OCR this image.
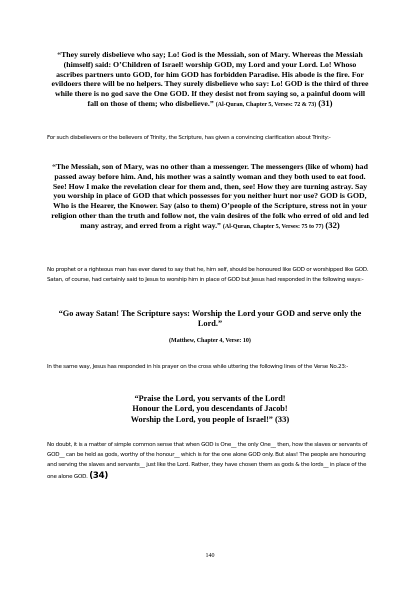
“They surely disbelieve who say; Lo! God is the Messiah, son of Mary. Whereas the Messiah (himself) said: O’Children of Israel! worship GOD, my Lord and your Lord. Lo! Whoso ascribes partners unto GOD, for him GOD has forbidden Paradise. His abode is the fire. For evildoers there will be no helpers. They surely disbelieve who say: Lo! GOD is the third of three while there is no god save the One GOD. If they desist not from saying so, a painful doom will fall on those of them; who disbelieve.” (Al-Quran, Chapter 5, Verses: 72 & 73) (31)

For such disbelievers or the believers of Trinity, the Scripture, has given a convincing clarification about Trinity:-

“The Messiah, son of Mary, was no other than a messenger. The messengers (like of whom) had passed away before him. And, his mother was a saintly woman and they both used to eat food. See! How I make the revelation clear for them and, then, see! How they are turning astray. Say you worship in place of GOD that which possesses for you neither hurt nor use? GOD is GOD, Who is the Hearer, the Knower. Say (also to them) O’people of the Scripture, stress not in your religion other than the truth and follow not, the vain desires of the folk who erred of old and led many astray, and erred from a right way.” (Al-Quran, Chapter 5, Verses: 75 to 77) (32)

No prophet or a righteous man has ever dared to say that he, him self, should be honoured like GOD or worshipped like GOD. Satan, of course, had certainly said to Jesus to worship him in place of GOD but Jesus had responded in the following ways:-

“Go away Satan! The Scripture says: Worship the Lord your GOD and serve only the Lord.”
(Matthew, Chapter 4, Verse: 10)

In the same way, Jesus has responded in his prayer on the cross while uttering the following lines of the Verse No.23:-

“Praise the Lord, you servants of the Lord!
Honour the Lord, you descendants of Jacob!
Worship the Lord, you people of Israel!” (33)

No doubt, it is a matter of simple common sense that when GOD is One__ the only One__ then, how the slaves or servants of GOD__ can be held as gods, worthy of the honour__ which is for the one alone GOD only. But alas! The people are honouring and serving the slaves and servants__ just like the Lord. Rather, they have chosen them as gods & the lords__ in place of the one alone GOD. (34)

140
